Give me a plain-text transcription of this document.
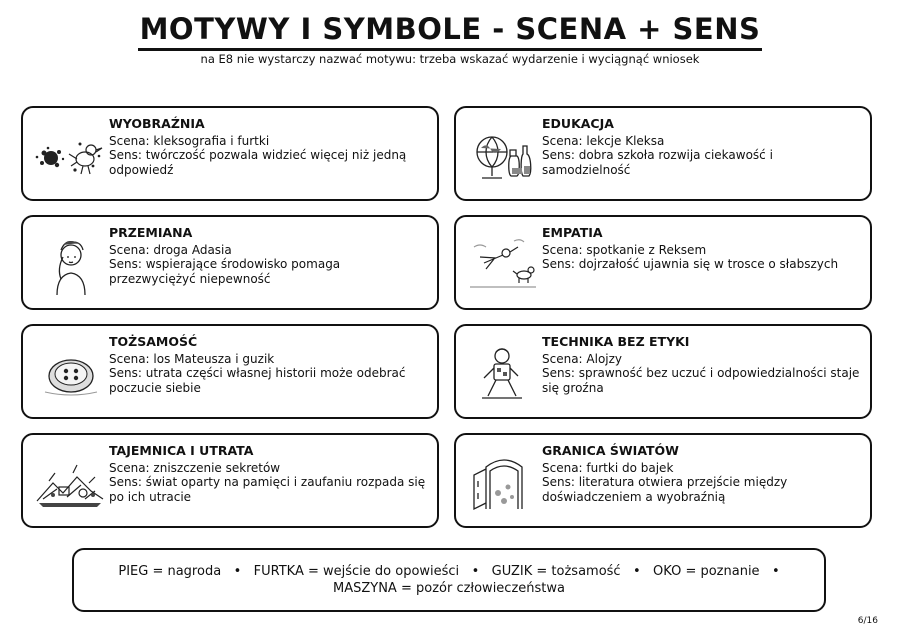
MOTYWY I SYMBOLE - SCENA + SENS
na E8 nie wystarczy nazwać motywu: trzeba wskazać wydarzenie i wyciągnąć wniosek
WYOBRAŹNIA
Scena: kleksografia i furtki
Sens: twórczość pozwala widzieć więcej niż jedną odpowiedź
EDUKACJA
Scena: lekcje Kleksa
Sens: dobra szkoła rozwija ciekawość i samodzielność
PRZEMIANA
Scena: droga Adasia
Sens: wspierające środowisko pomaga przezwyciężyć niepewność
EMPATIA
Scena: spotkanie z Reksem
Sens: dojrzałość ujawnia się w trosce o słabszych
TOŻSAMOŚĆ
Scena: los Mateusza i guzik
Sens: utrata części własnej historii może odebrać poczucie siebie
TECHNIKA BEZ ETYKI
Scena: Alojzy
Sens: sprawność bez uczuć i odpowiedzialności staje się groźna
TAJEMNICA I UTRATA
Scena: zniszczenie sekretów
Sens: świat oparty na pamięci i zaufaniu rozpada się po ich utracie
GRANICA ŚWIATÓW
Scena: furtki do bajek
Sens: literatura otwiera przejście między doświadczeniem a wyobraźnią

PIEG = nagroda   •   FURTKA = wejście do opowieści   •   GUZIK = tożsamość   •   OKO = poznanie   •   MASZYNA = pozór człowieczeństwa

6/16
